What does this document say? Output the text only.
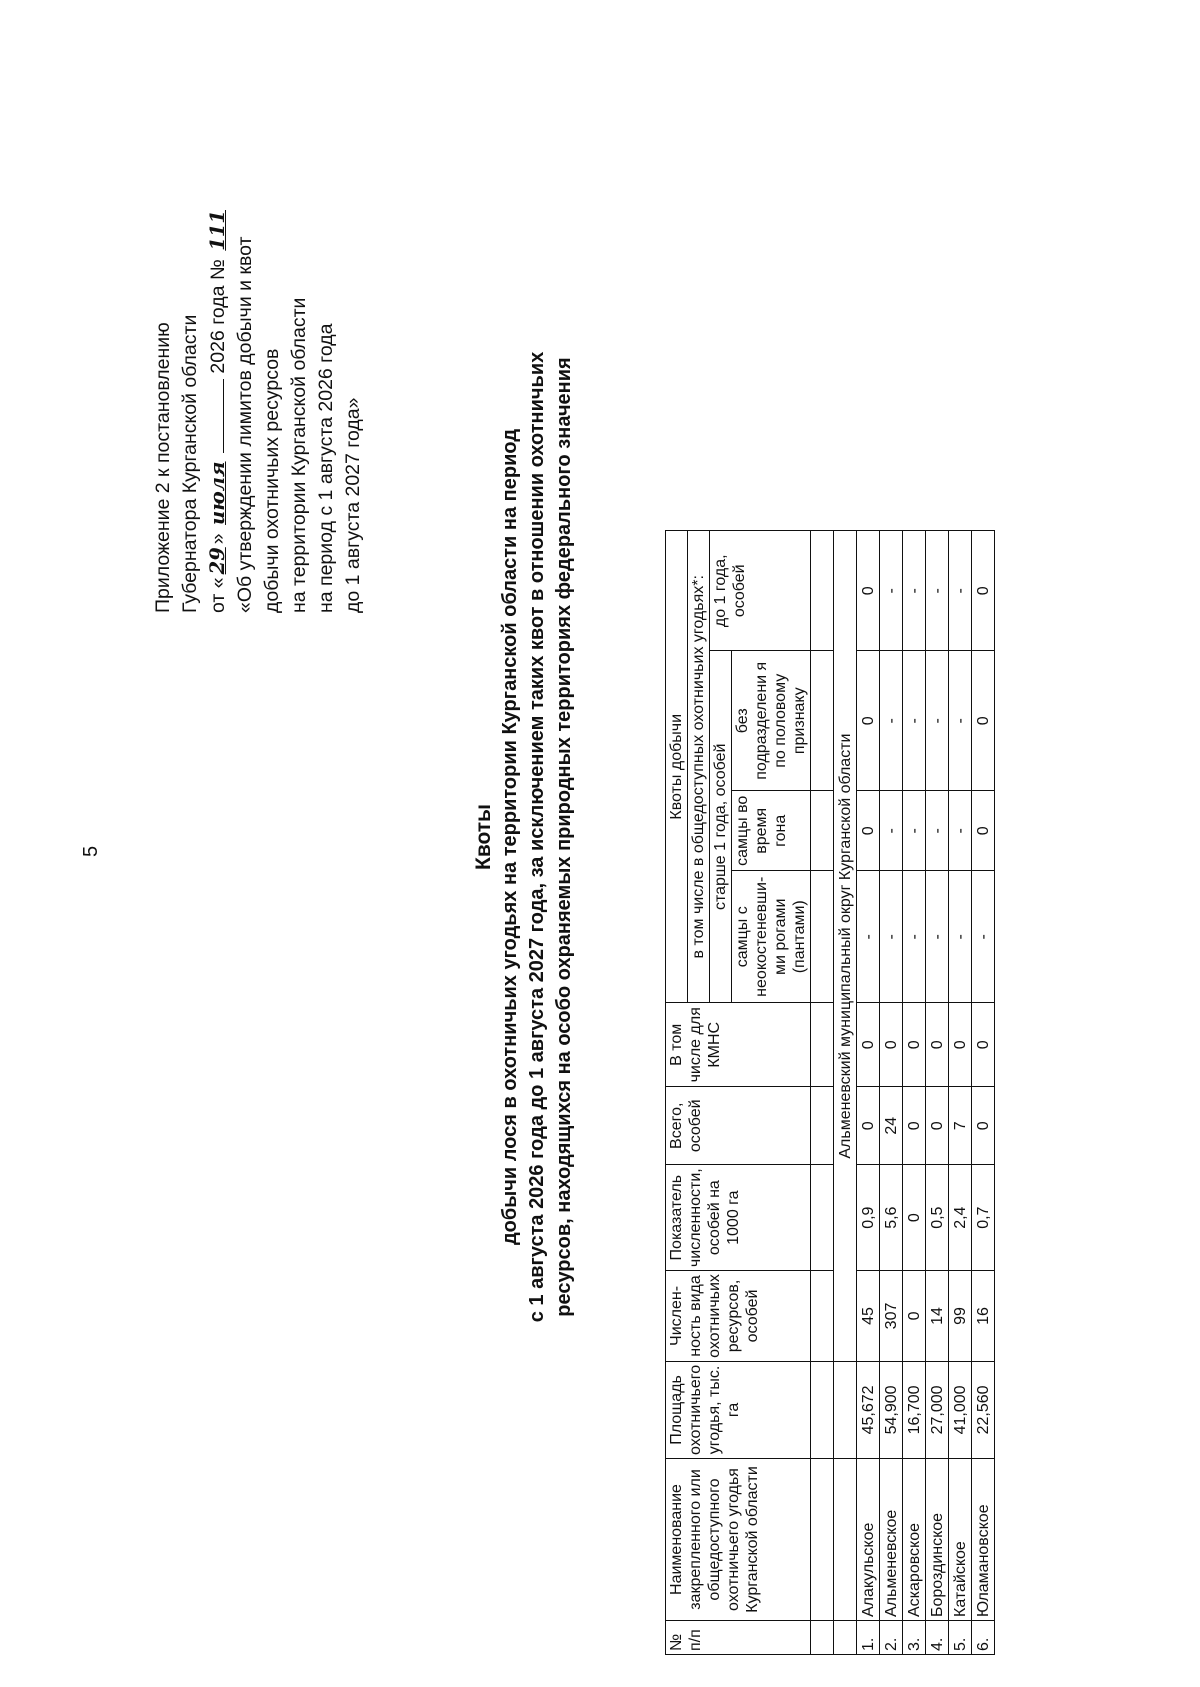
5
Приложение 2 к постановлению Губернатора Курганской области от «29» июля  2026 года № 111
«Об утверждении лимитов добычи и квот добычи охотничьих ресурсов на территории Курганской области на период с 1 августа 2026 года до 1 августа 2027 года»
Квоты добычи лося в охотничьих угодьях на территории Курганской области на период с 1 августа 2026 года до 1 августа 2027 года, за исключением таких квот в отношении охотничьих ресурсов, находящихся на особо охраняемых природных территориях федерального значения
№ п/п	Наименование закрепленного или общедоступного охотничьего угодья Курганской области	Площадь охотничьего угодья, тыс. га	Числен-ность вида охотничьих ресурсов, особей	Показатель численности, особей на 1000 га	Всего, особей	В том числе для КМНС	Квоты добычи			
							в том числе в общедоступных охотничьих угодьях*:			
							старше 1 года, особей			до 1 года, особей
							самцы с неокостеневши-ми рогами (пантами)	самцы во время гона	без подразделени я по половому признаку	

			Альменевский муниципальный округ Курганской области							
1.	Алакульское	45,672	45	0,9	0	0	-	0	0	0
2.	Альменевское	54,900	307	5,6	24	0	-	-	-	-
3.	Аскаровское	16,700	0	0	0	0	-	-	-	-
4.	Бороздинское	27,000	14	0,5	0	0	-	-	-	-
5.	Катайское	41,000	99	2,4	7	0	-	-	-	-
6.	Юламановское	22,560	16	0,7	0	0	-	0	0	0
